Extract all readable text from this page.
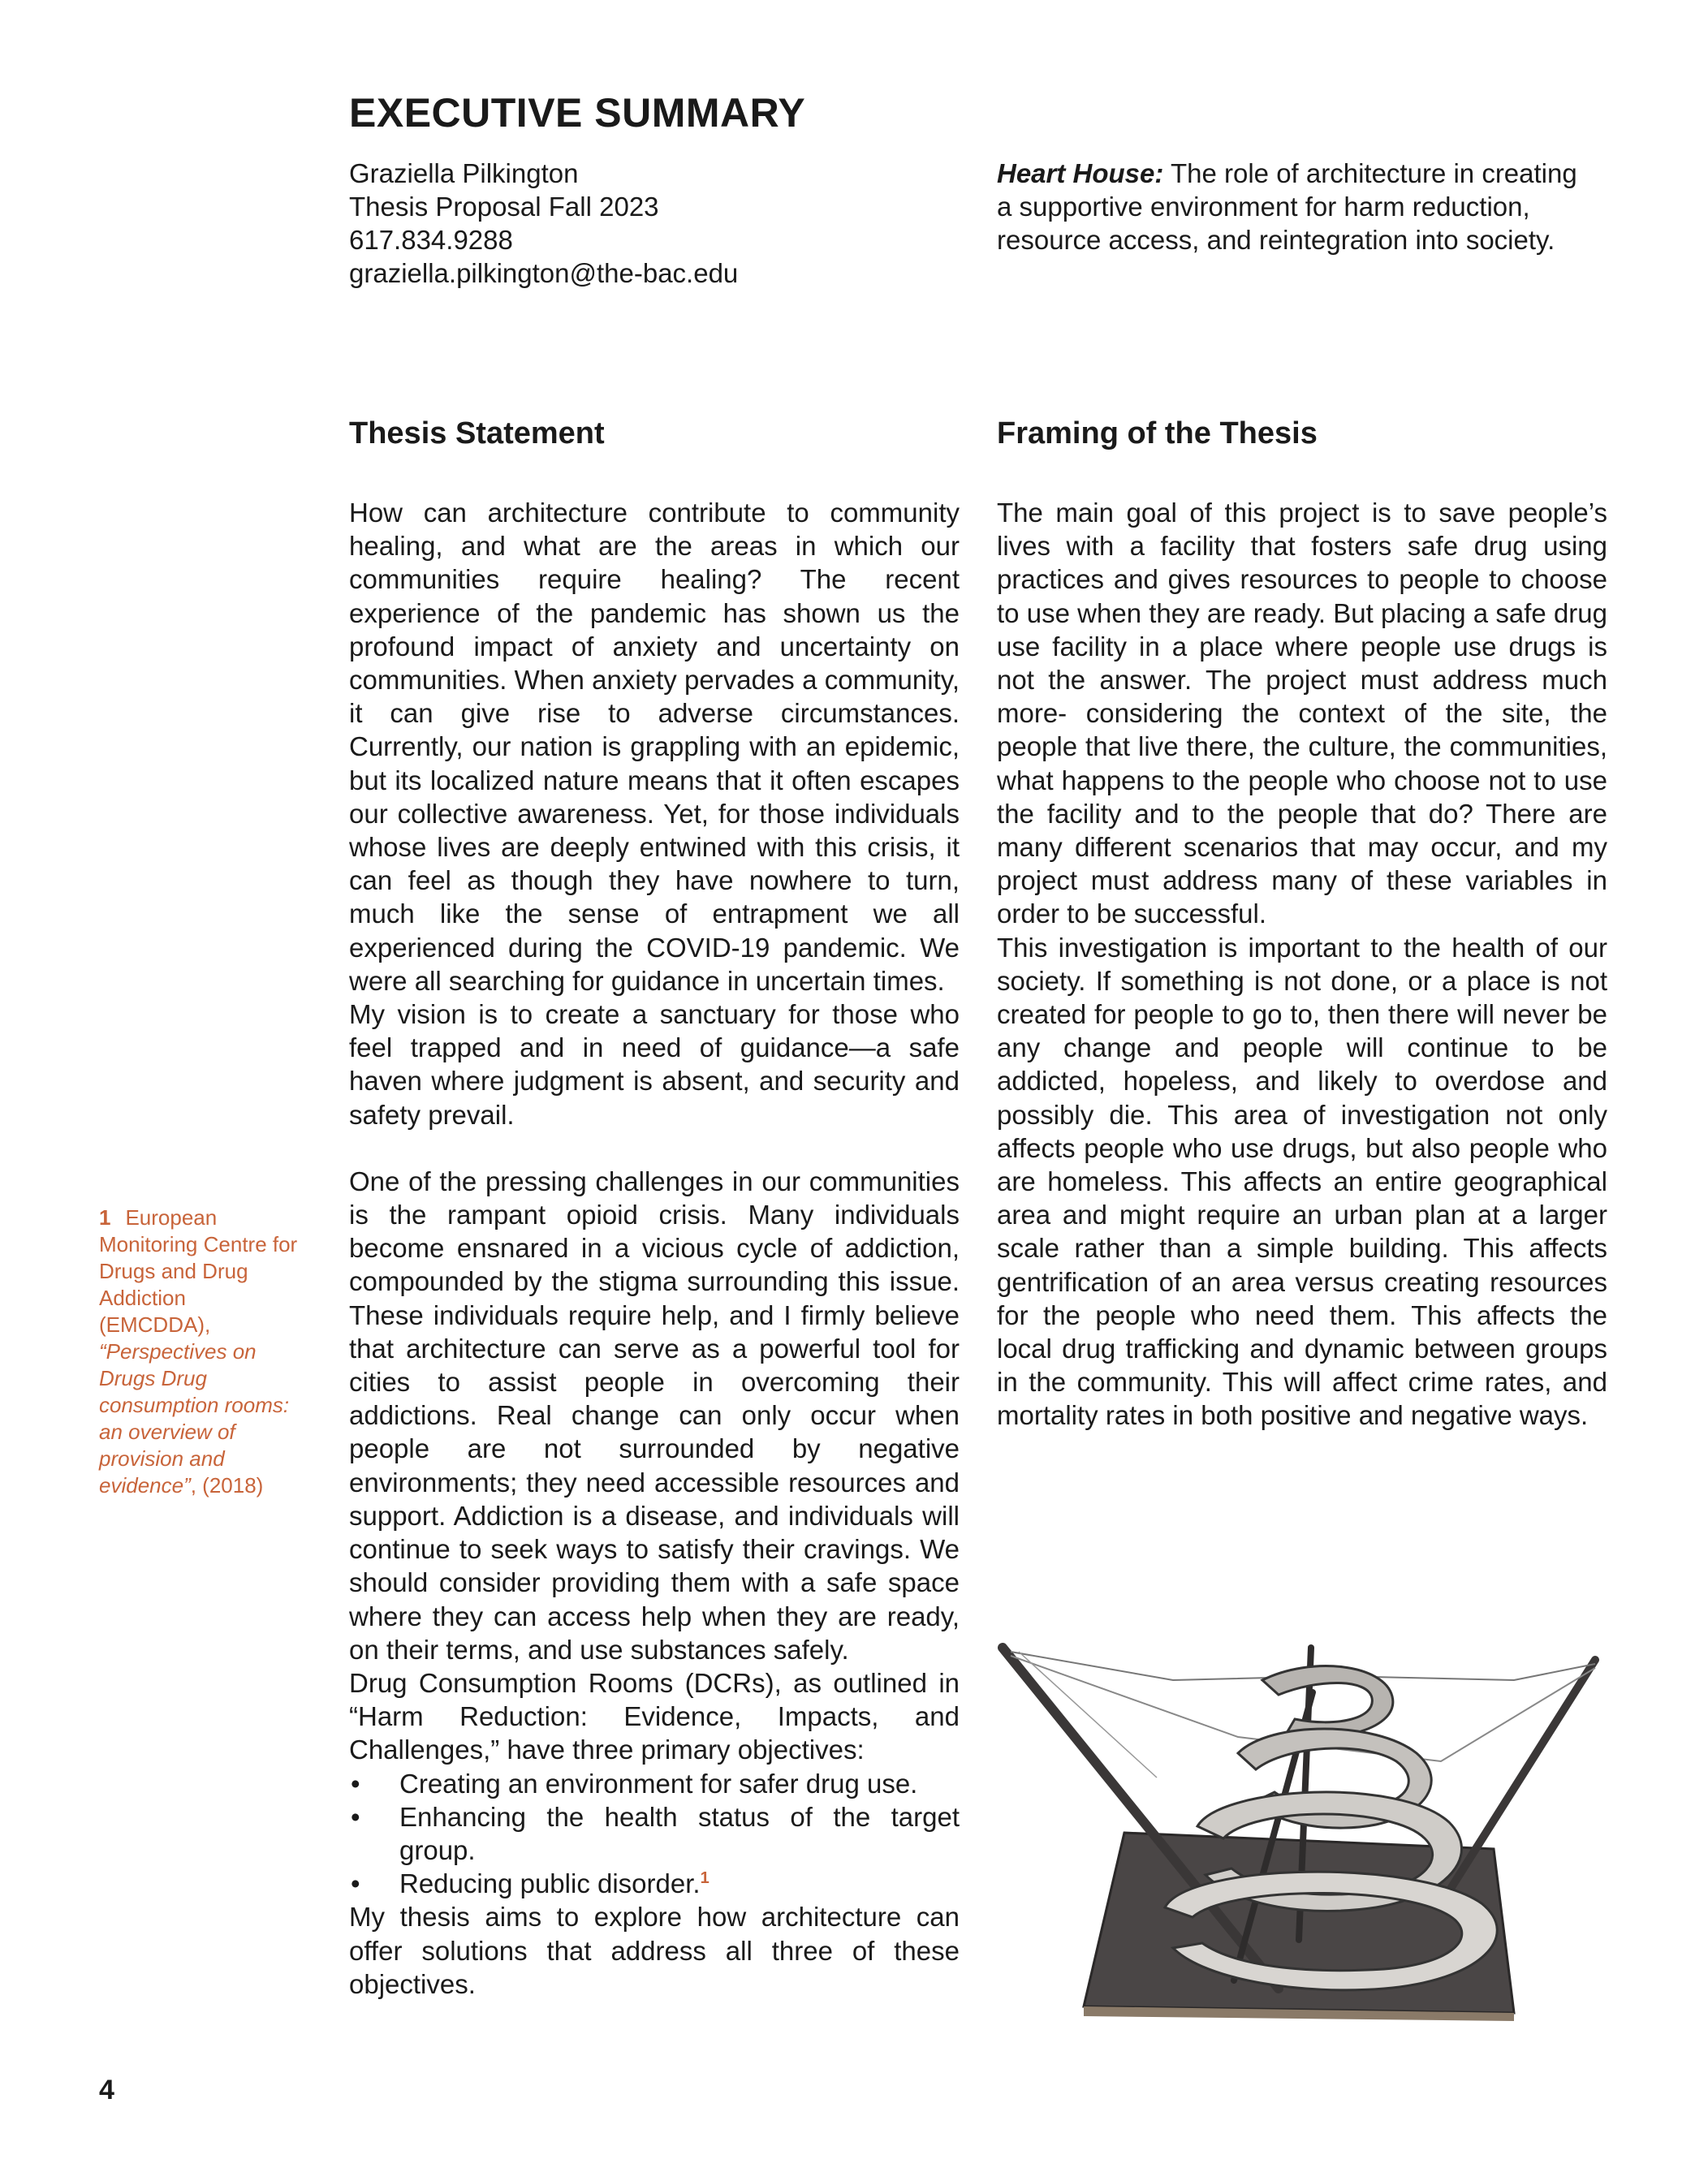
EXECUTIVE SUMMARY
Graziella Pilkington
Thesis Proposal Fall 2023
617.834.9288
graziella.pilkington@the-bac.edu
Heart House: The role of architecture in creating a supportive environment for harm reduction, resource access, and reintegration into society.
Thesis Statement	Framing of the Thesis

How can architecture contribute to community healing, and what are the areas in which our communities require healing? The recent experience of the pandemic has shown us the profound impact of anxiety and uncertainty on communities. When anxiety pervades a community, it can give rise to adverse circumstances. Currently, our nation is grappling with an epidemic, but its localized nature means that it often escapes our collective awareness. Yet, for those individuals whose lives are deeply entwined with this crisis, it can feel as though they have nowhere to turn, much like the sense of entrapment we all experienced during the COVID-19 pandemic. We were all searching for guidance in uncertain times.

My vision is to create a sanctuary for those who feel trapped and in need of guidance—a safe haven where judgment is absent, and security and safety prevail.

One of the pressing challenges in our communities is the rampant opioid crisis. Many individuals become ensnared in a vicious cycle of addiction, compounded by the stigma surrounding this issue. These individuals require help, and I firmly believe that architecture can serve as a powerful tool for cities to assist people in overcoming their addictions. Real change can only occur when people are not surrounded by negative environments; they need accessible resources and support. Addiction is a disease, and individuals will continue to seek ways to satisfy their cravings. We should consider providing them with a safe space where they can access help when they are ready, on their terms, and use substances safely.

Drug Consumption Rooms (DCRs), as outlined in “Harm Reduction: Evidence, Impacts, and Challenges,” have three primary objectives:

• Creating an environment for safer drug use.
• Enhancing the health status of the target group.
• Reducing public disorder.$^1$

My thesis aims to explore how architecture can offer solutions that address all three of these objectives.

The main goal of this project is to save people’s lives with a facility that fosters safe drug using practices and gives resources to people to choose to use when they are ready. But placing a safe drug use facility in a place where people use drugs is not the answer. The project must address much more- considering the context of the site, the people that live there, the culture, the communities, what happens to the people who choose not to use the facility and to the people that do? There are many different scenarios that may occur, and my project must address many of these variables in order to be successful.

This investigation is important to the health of our society. If something is not done, or a place is not created for people to go to, then there will never be any change and people will continue to be addicted, hopeless, and likely to overdose and possibly die. This area of investigation not only affects people who use drugs, but also people who are homeless. This affects an entire geographical area and might require an urban plan at a larger scale rather than a simple building. This affects gentrification of an area versus creating resources for the people who need them. This affects the local drug trafficking and dynamic between groups in the community. This will affect crime rates, and mortality rates in both positive and negative ways.

1 European Monitoring Centre for Drugs and Drug Addiction (EMCDDA), “Perspectives on Drugs Drug consumption rooms: an overview of provision and evidence”, (2018)
4
